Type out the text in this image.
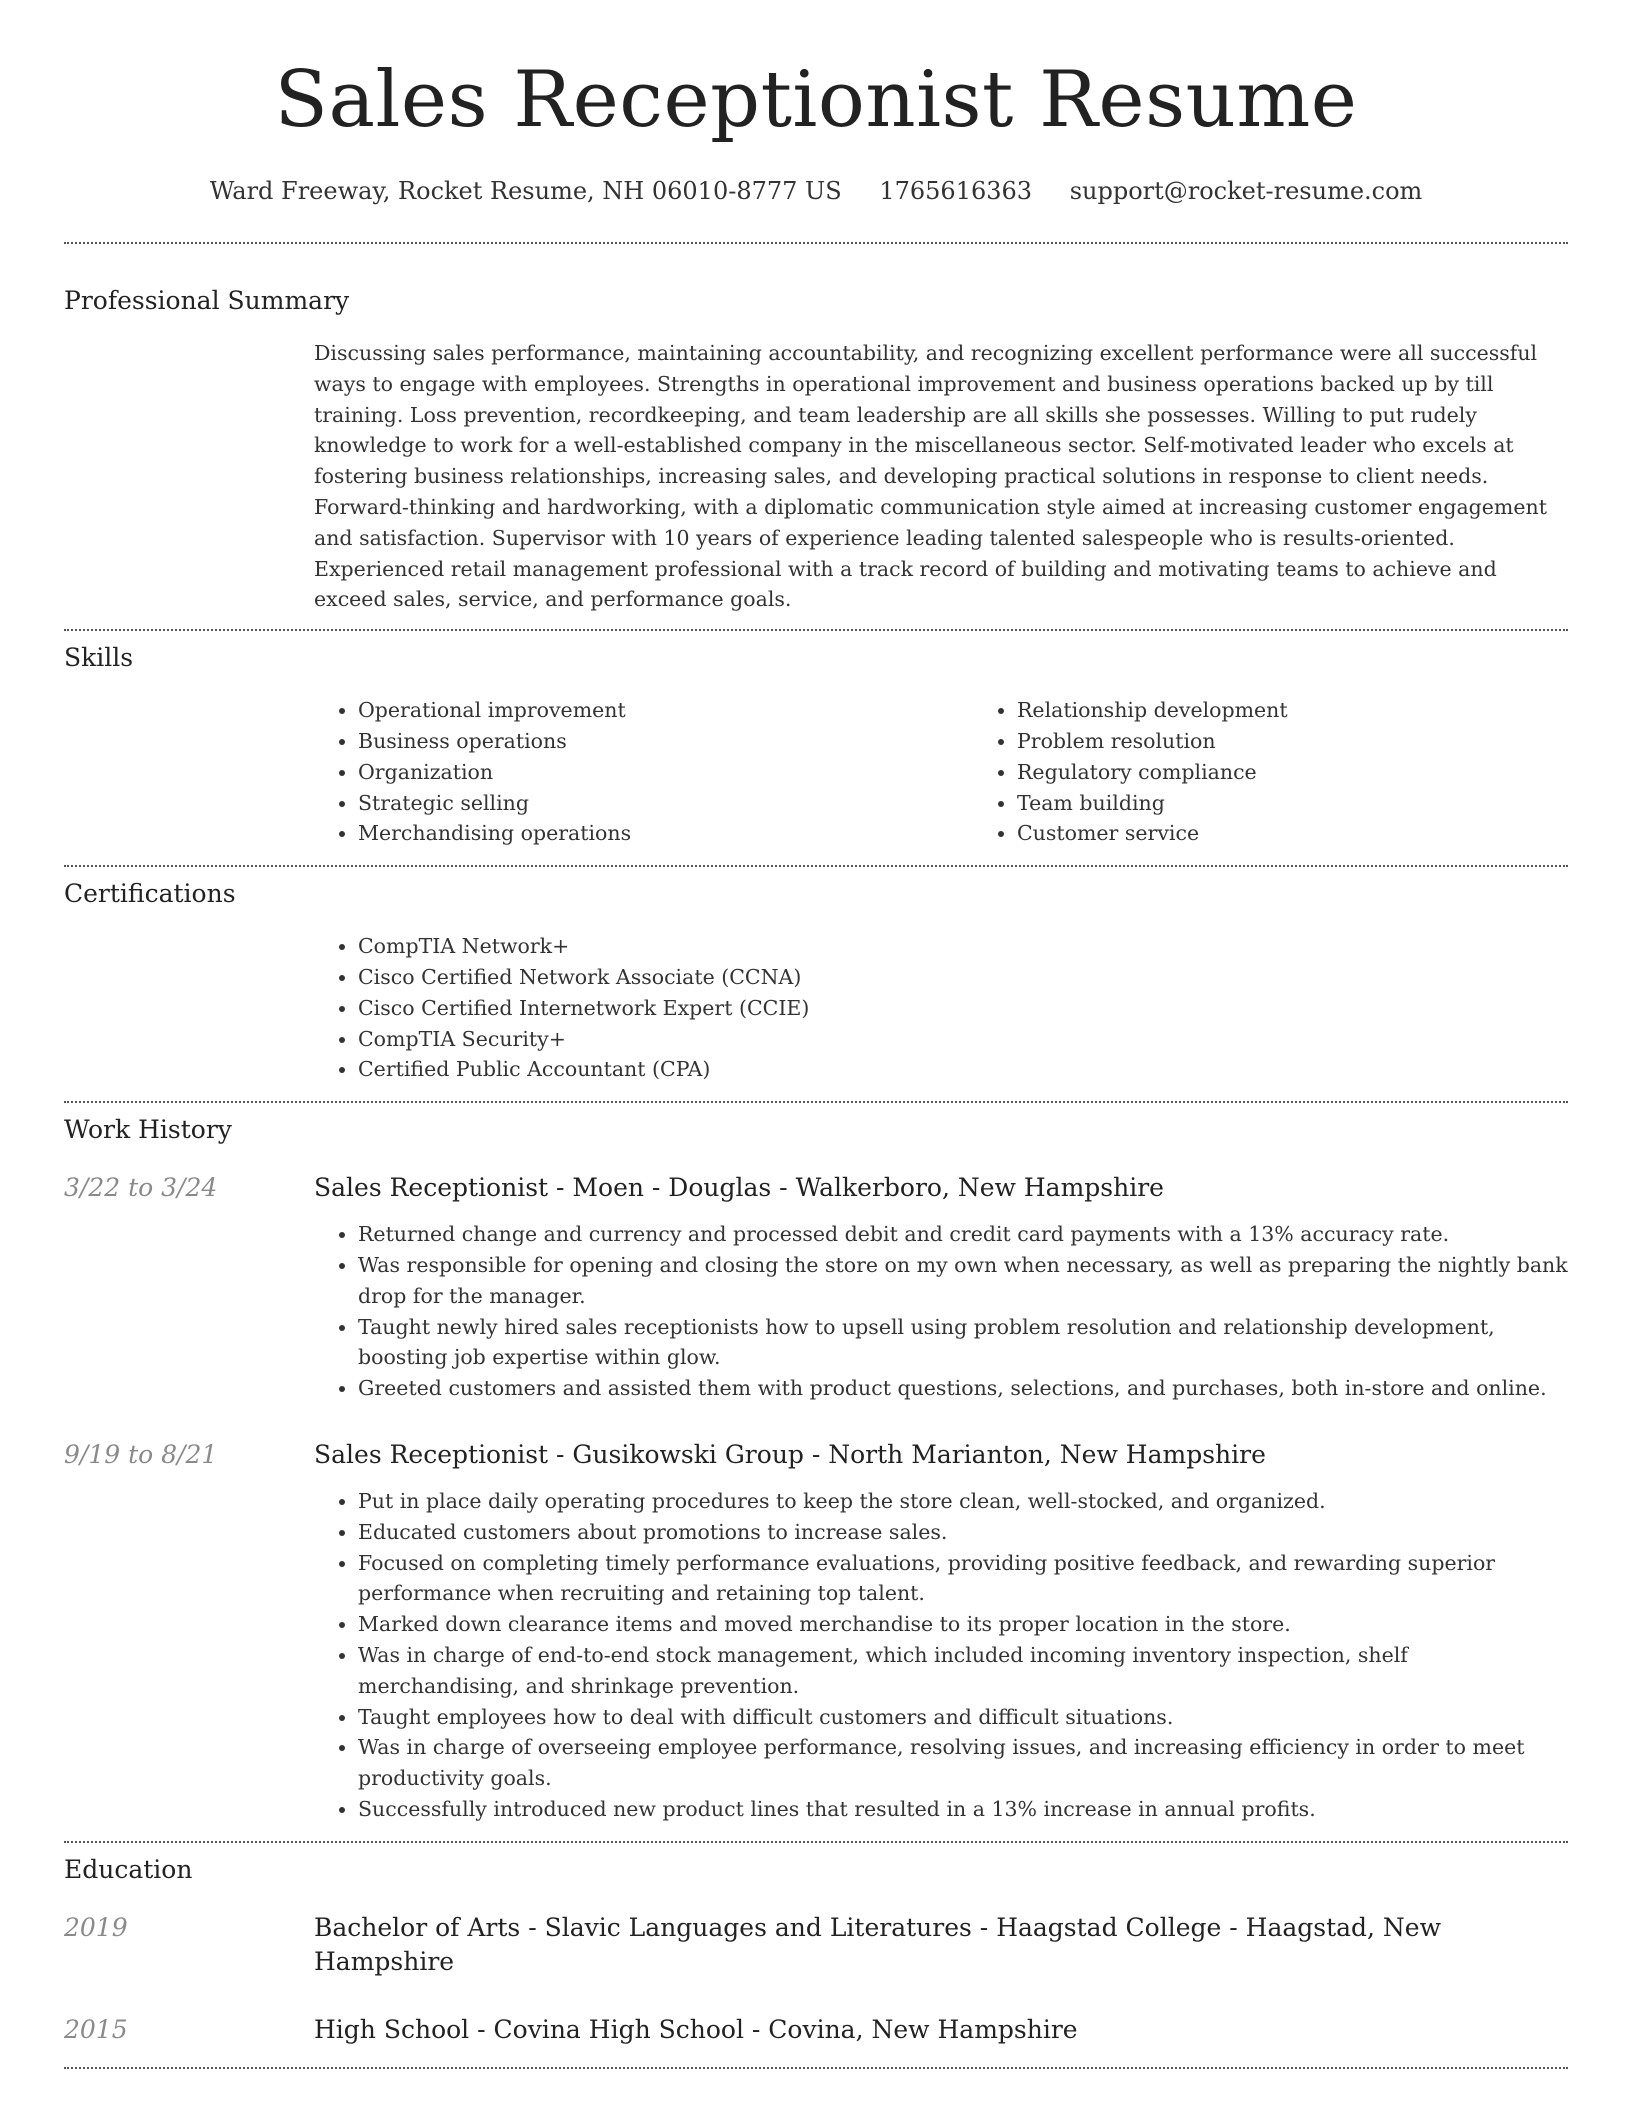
Sales Receptionist Resume
Ward Freeway, Rocket Resume, NH 06010-8777 US 1765616363 support@rocket-resume.com
Professional Summary
Discussing sales performance, maintaining accountability, and recognizing excellent performance were all successful ways to engage with employees. Strengths in operational improvement and business operations backed up by till training. Loss prevention, recordkeeping, and team leadership are all skills she possesses. Willing to put rudely knowledge to work for a well-established company in the miscellaneous sector. Self-motivated leader who excels at fostering business relationships, increasing sales, and developing practical solutions in response to client needs. Forward-thinking and hardworking, with a diplomatic communication style aimed at increasing customer engagement and satisfaction. Supervisor with 10 years of experience leading talented salespeople who is results-oriented. Experienced retail management professional with a track record of building and motivating teams to achieve and exceed sales, service, and performance goals.
Skills
• Operational improvement
• Business operations
• Organization
• Strategic selling
• Merchandising operations
• Relationship development
• Problem resolution
• Regulatory compliance
• Team building
• Customer service
Certifications
• CompTIA Network+
• Cisco Certified Network Associate (CCNA)
• Cisco Certified Internetwork Expert (CCIE)
• CompTIA Security+
• Certified Public Accountant (CPA)
Work History
3/22 to 3/24	Sales Receptionist - Moen - Douglas - Walkerboro, New Hampshire
• Returned change and currency and processed debit and credit card payments with a 13% accuracy rate.
• Was responsible for opening and closing the store on my own when necessary, as well as preparing the nightly bank drop for the manager.
• Taught newly hired sales receptionists how to upsell using problem resolution and relationship development, boosting job expertise within glow.
• Greeted customers and assisted them with product questions, selections, and purchases, both in-store and online.
9/19 to 8/21	Sales Receptionist - Gusikowski Group - North Marianton, New Hampshire
• Put in place daily operating procedures to keep the store clean, well-stocked, and organized.
• Educated customers about promotions to increase sales.
• Focused on completing timely performance evaluations, providing positive feedback, and rewarding superior performance when recruiting and retaining top talent.
• Marked down clearance items and moved merchandise to its proper location in the store.
• Was in charge of end-to-end stock management, which included incoming inventory inspection, shelf merchandising, and shrinkage prevention.
• Taught employees how to deal with difficult customers and difficult situations.
• Was in charge of overseeing employee performance, resolving issues, and increasing efficiency in order to meet productivity goals.
• Successfully introduced new product lines that resulted in a 13% increase in annual profits.
Education
2019	Bachelor of Arts - Slavic Languages and Literatures - Haagstad College - Haagstad, New Hampshire
2015	High School - Covina High School - Covina, New Hampshire
